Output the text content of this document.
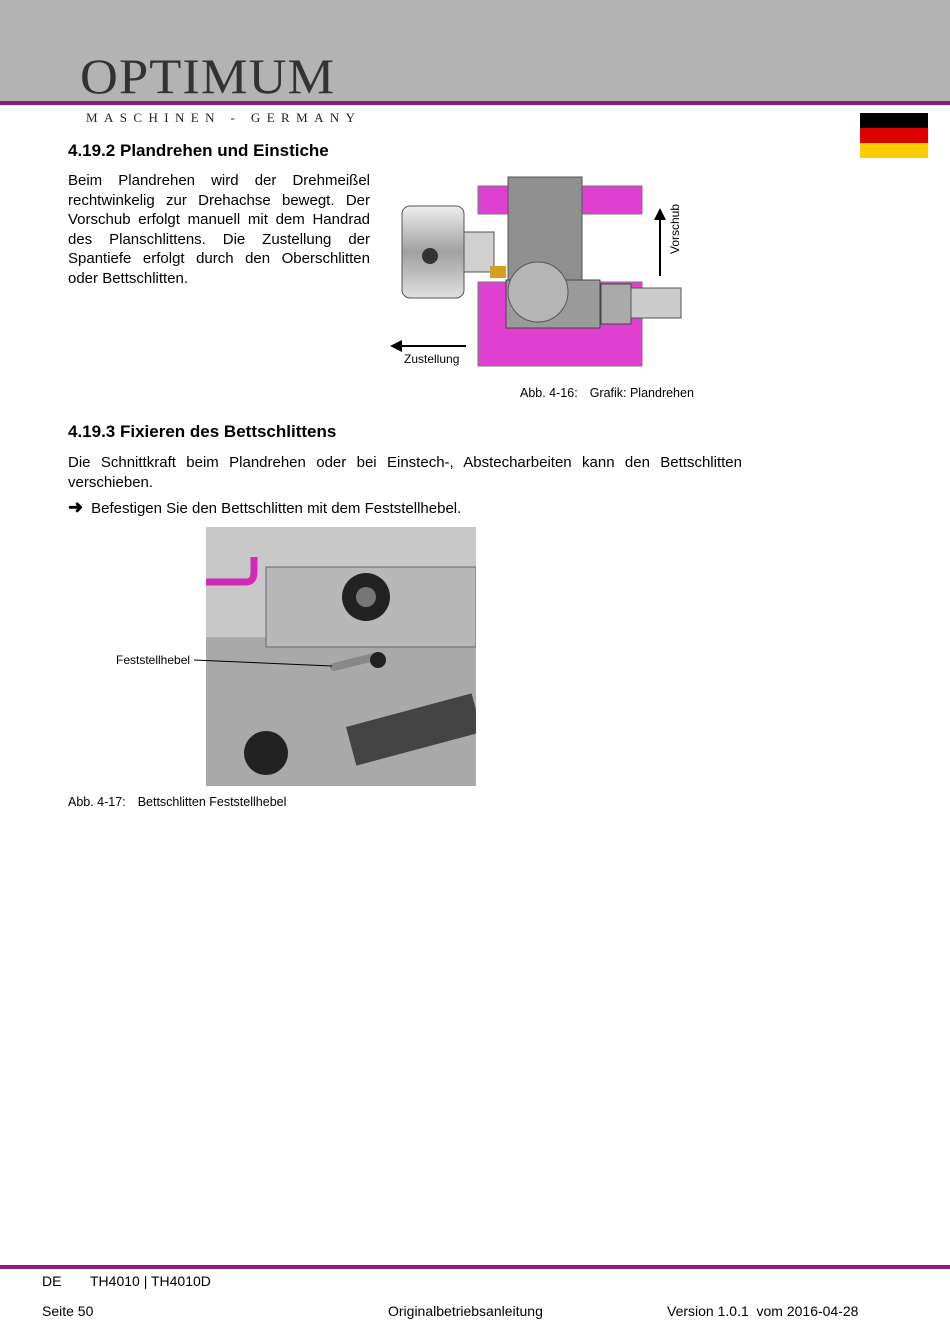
OPTIMUM
MASCHINEN - GERMANY
4.19.2 Plandrehen und Einstiche

Beim Plandrehen wird der Drehmeißel rechtwinkelig zur Drehachse bewegt. Der Vorschub erfolgt manuell mit dem Handrad des Planschlittens. Die Zustellung der Spantiefe erfolgt durch den Oberschlitten oder Bettschlitten.

Vorschub
Zustellung
Abb. 4-16: Grafik: Plandrehen
4.19.3 Fixieren des Bettschlittens

Die Schnittkraft beim Plandrehen oder bei Einstech-, Abstecharbeiten kann den Bettschlitten verschieben.

➜ Befestigen Sie den Bettschlitten mit dem Feststellhebel.
Feststellhebel
Abb. 4-17: Bettschlitten Feststellhebel
DE TH4010 | TH4010D
Seite 50	Originalbetriebsanleitung	Version 1.0.1  vom 2016-04-28
